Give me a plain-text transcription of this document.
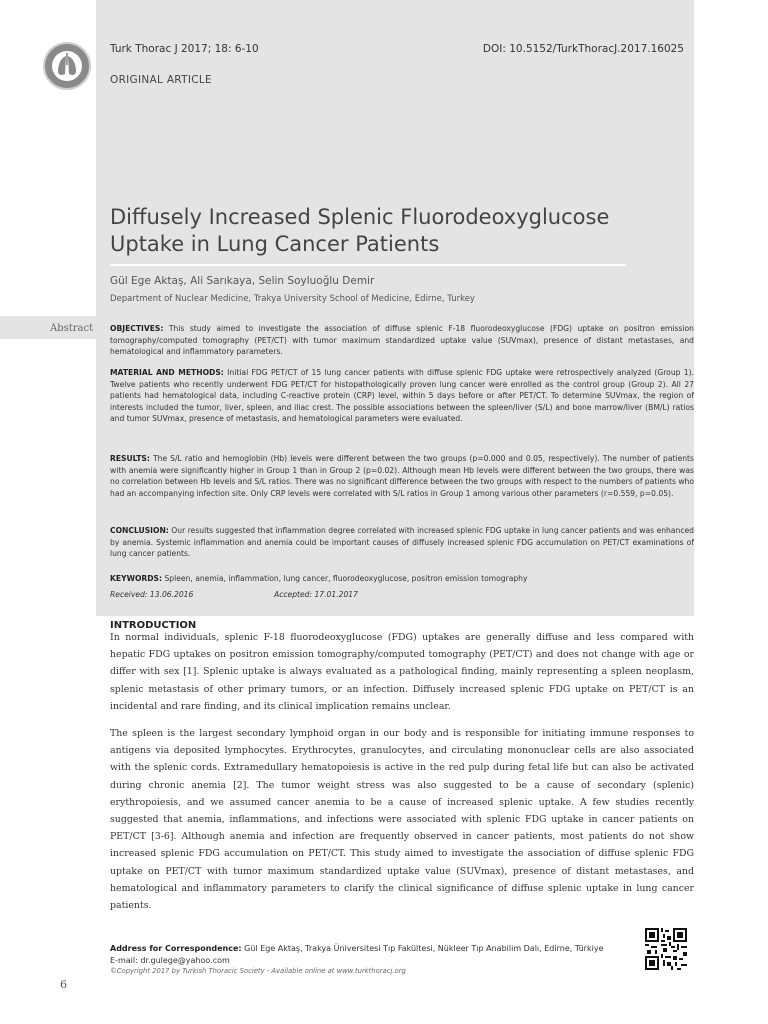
Turk Thorac J 2017; 18: 6-10	DOI: 10.5152/TurkThoracJ.2017.16025
ORIGINAL ARTICLE
Diffusely Increased Splenic Fluorodeoxyglucose Uptake in Lung Cancer Patients
Gül Ege Aktaş, Ali Sarıkaya, Selin Soyluoğlu Demir
Department of Nuclear Medicine, Trakya University School of Medicine, Edirne, Turkey
Abstract OBJECTIVES: This study aimed to investigate the association of diffuse splenic F-18 fluorodeoxyglucose (FDG) uptake on positron emission tomography/computed tomography (PET/CT) with tumor maximum standardized uptake value (SUVmax), presence of distant metastases, and hematological and inflammatory parameters.

MATERIAL AND METHODS: Initial FDG PET/CT of 15 lung cancer patients with diffuse splenic FDG uptake were retrospectively analyzed (Group 1). Twelve patients who recently underwent FDG PET/CT for histopathologically proven lung cancer were enrolled as the control group (Group 2). All 27 patients had hematological data, including C-reactive protein (CRP) level, within 5 days before or after PET/CT. To determine SUVmax, the region of interests included the tumor, liver, spleen, and iliac crest. The possible associations between the spleen/liver (S/L) and bone marrow/liver (BM/L) ratios and tumor SUVmax, presence of metastasis, and hematological parameters were evaluated.

RESULTS: The S/L ratio and hemoglobin (Hb) levels were different between the two groups (p=0.000 and 0.05, respectively). The number of patients with anemia were significantly higher in Group 1 than in Group 2 (p=0.02). Although mean Hb levels were different between the two groups, there was no correlation between Hb levels and S/L ratios. There was no significant difference between the two groups with respect to the numbers of patients who had an accompanying infection site. Only CRP levels were correlated with S/L ratios in Group 1 among various other parameters (r=0.559, p=0.05).

CONCLUSION: Our results suggested that inflammation degree correlated with increased splenic FDG uptake in lung cancer patients and was enhanced by anemia. Systemic inflammation and anemia could be important causes of diffusely increased splenic FDG accumulation on PET/CT examinations of lung cancer patients.

KEYWORDS: Spleen, anemia, inflammation, lung cancer, fluorodeoxyglucose, positron emission tomography

Received: 13.06.2016	Accepted: 17.01.2017
INTRODUCTION

In normal individuals, splenic F-18 fluorodeoxyglucose (FDG) uptakes are generally diffuse and less compared with hepatic FDG uptakes on positron emission tomography/computed tomography (PET/CT) and does not change with age or differ with sex [1]. Splenic uptake is always evaluated as a pathological finding, mainly representing a spleen neoplasm, splenic metastasis of other primary tumors, or an infection. Diffusely increased splenic FDG uptake on PET/CT is an incidental and rare finding, and its clinical implication remains unclear.

The spleen is the largest secondary lymphoid organ in our body and is responsible for initiating immune responses to antigens via deposited lymphocytes. Erythrocytes, granulocytes, and circulating mononuclear cells are also associated with the splenic cords. Extramedullary hematopoiesis is active in the red pulp during fetal life but can also be activated during chronic anemia [2]. The tumor weight stress was also suggested to be a cause of secondary (splenic) erythropoiesis, and we assumed cancer anemia to be a cause of increased splenic uptake. A few studies recently suggested that anemia, inflammations, and infections were associated with splenic FDG uptake in cancer patients on PET/CT [3-6]. Although anemia and infection are frequently observed in cancer patients, most patients do not show increased splenic FDG accumulation on PET/CT. This study aimed to investigate the association of diffuse splenic FDG uptake on PET/CT with tumor maximum standardized uptake value (SUVmax), presence of distant metastases, and hematological and inflammatory parameters to clarify the clinical significance of diffuse splenic uptake in lung cancer patients.

Address for Correspondence: Gül Ege Aktaş, Trakya Üniversitesi Tıp Fakültesi, Nükleer Tıp Anabilim Dalı, Edirne, Türkiye
E-mail: dr.gulege@yahoo.com
©Copyright 2017 by Turkish Thoracic Society - Available online at www.turkthoracj.org
6
